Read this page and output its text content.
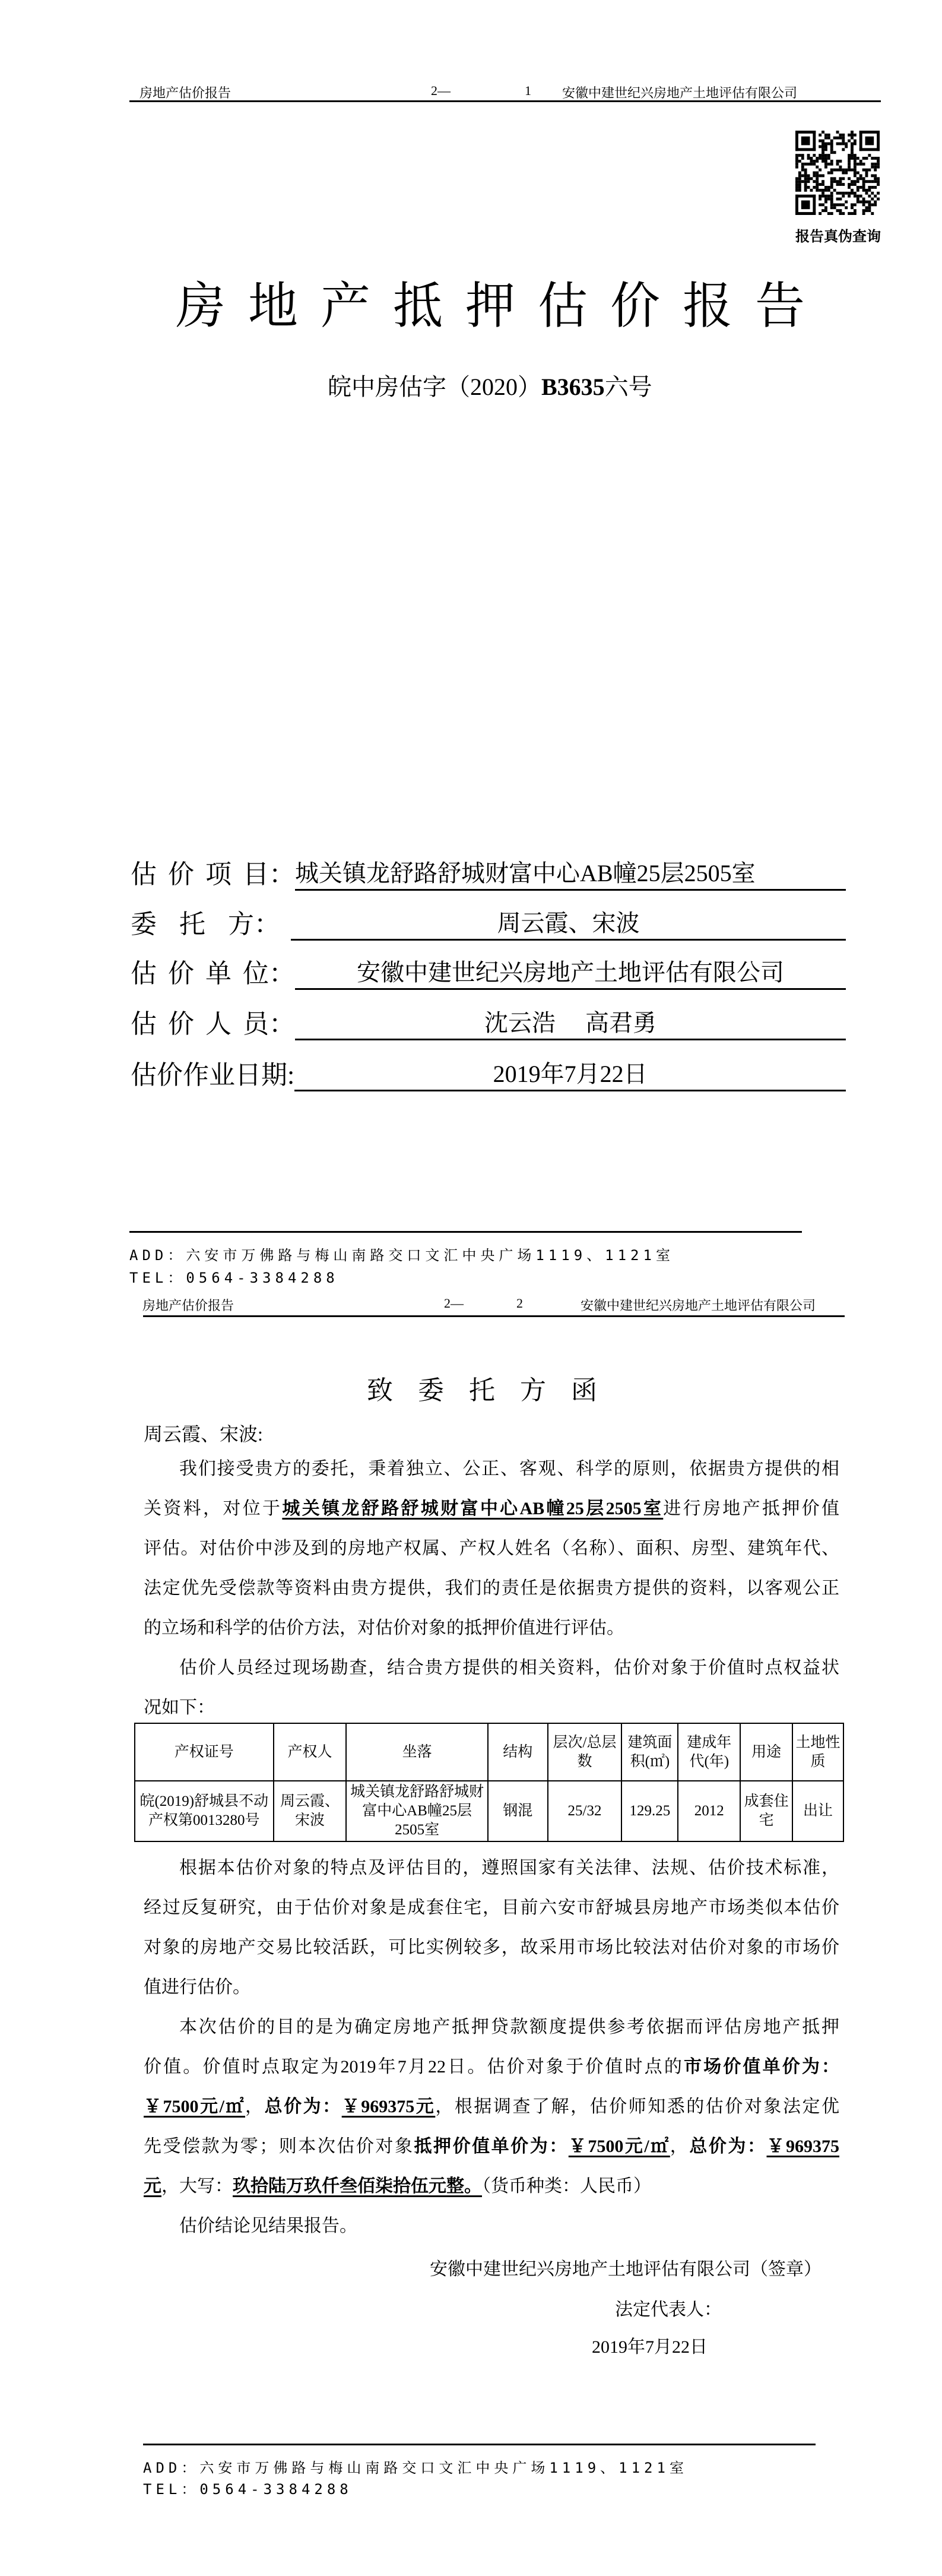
房地产估价报告	2—	1 安徽中建世纪兴房地产土地评估有限公司
报告真伪查询
房地产抵押估价报告
皖中房估字（2020）B3635六号
估 价 项 目： 城关镇龙舒路舒城财富中心AB幢25层2505室
委  托  方：	周云霞、宋波
估 价 单 位：	安徽中建世纪兴房地产土地评估有限公司
估 价 人 员：	沈云浩     高君勇
估价作业日期:	2019年7月22日
ADD：六安市万佛路与梅山南路交口文汇中央广场1119、1121室
TEL：0564-3384288
房地产估价报告	2—	2	安徽中建世纪兴房地产土地评估有限公司
致委托方函
周云霞、宋波:
我们接受贵方的委托，秉着独立、公正、客观、科学的原则，依据贵方提供的相
关资料，对位于城关镇龙舒路舒城财富中心AB幢25层2505室进行房地产抵押价值
评估。对估价中涉及到的房地产权属、产权人姓名（名称）、面积、房型、建筑年代、
法定优先受偿款等资料由贵方提供，我们的责任是依据贵方提供的资料，以客观公正
的立场和科学的估价方法，对估价对象的抵押价值进行评估。
估价人员经过现场勘查，结合贵方提供的相关资料，估价对象于价值时点权益状
况如下：
产权证号	产权人	坐落	结构	层次/总层数	建筑面积(㎡)	建成年代(年)	用途	土地性质
皖(2019)舒城县不动产权第0013280号	周云霞、宋波	城关镇龙舒路舒城财富中心AB幢25层2505室	钢混	25/32	129.25	2012	成套住宅	出让
根据本估价对象的特点及评估目的，遵照国家有关法律、法规、估价技术标准，
经过反复研究，由于估价对象是成套住宅，目前六安市舒城县房地产市场类似本估价
对象的房地产交易比较活跃，可比实例较多，故采用市场比较法对估价对象的市场价
值进行估价。
本次估价的目的是为确定房地产抵押贷款额度提供参考依据而评估房地产抵押
价值。价值时点取定为2019年7月22日。估价对象于价值时点的市场价值单价为：
￥7500元/㎡，总价为：￥969375元，根据调查了解，估价师知悉的估价对象法定优
先受偿款为零；则本次估价对象抵押价值单价为：￥7500元/㎡，总价为：￥969375
元，大写：玖拾陆万玖仟叁佰柒拾伍元整。（货币种类：人民币）
估价结论见结果报告。
安徽中建世纪兴房地产土地评估有限公司（签章）
法定代表人：
2019年7月22日
ADD：六安市万佛路与梅山南路交口文汇中央广场1119、1121室
TEL：0564-3384288
